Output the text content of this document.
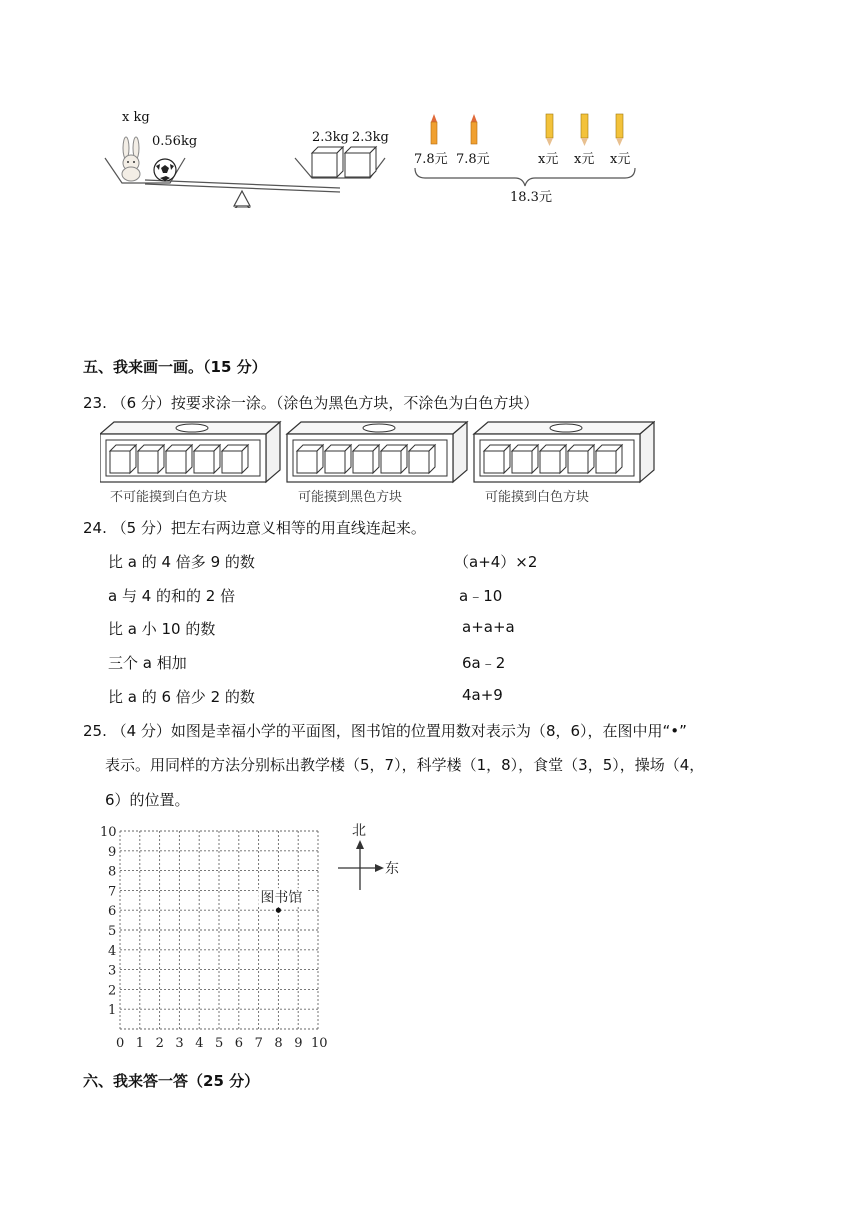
x kg
0.56kg	2.3kg 2.3kg
7.8元 7.8元	x元 x元 x元
18.3元
五、我来画一画。（15 分）
23. （6 分）按要求涂一涂。（涂色为黑色方块，不涂色为白色方块）
不可能摸到白色方块	可能摸到黑色方块	可能摸到白色方块
24. （5 分）把左右两边意义相等的用直线连起来。
比 a 的 4 倍多 9 的数
a 与 4 的和的 2 倍
比 a 小 10 的数
三个 a 相加
比 a 的 6 倍少 2 的数
（a+4）×2
a﹣10
a+a+a
6a﹣2
4a+9
25. （4 分）如图是幸福小学的平面图，图书馆的位置用数对表示为（8，6），在图中用“•”
表示。用同样的方法分别标出教学楼（5，7），科学楼（1，8），食堂（3，5），操场（4，
6）的位置。
0 1 2 3 4 5 6 7 8 9 10
1
2
3
4
5
6
7
8
9
10
图书馆
北
东
六、我来答一答（25 分）
